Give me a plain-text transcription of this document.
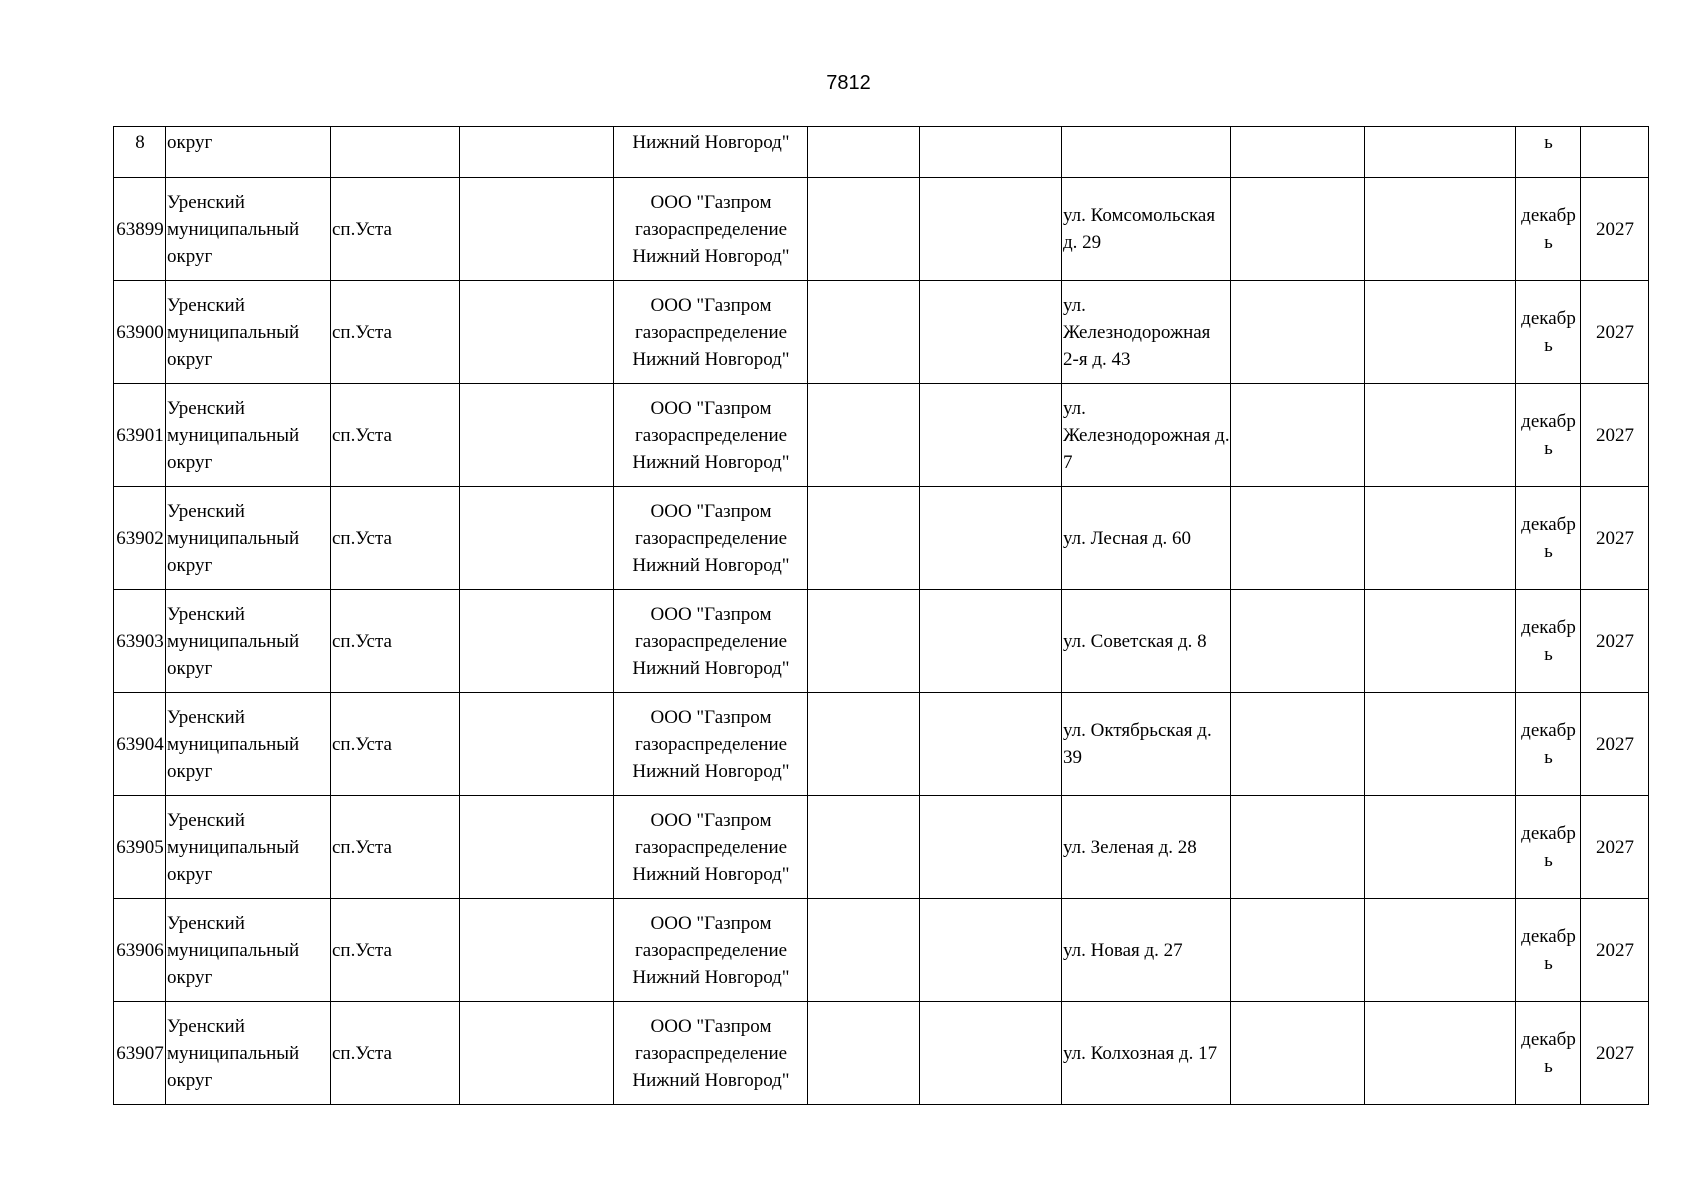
7812
8	округ			Нижний Новгород"						ь	
63899	Уренский муниципальный округ	сп.Уста		ООО "Газпром газораспределение Нижний Новгород"			ул. Комсомольская д. 29			декабрь	2027
63900	Уренский муниципальный округ	сп.Уста		ООО "Газпром газораспределение Нижний Новгород"			ул. Железнодорожная 2-я д. 43			декабрь	2027
63901	Уренский муниципальный округ	сп.Уста		ООО "Газпром газораспределение Нижний Новгород"			ул. Железнодорожная д. 7			декабрь	2027
63902	Уренский муниципальный округ	сп.Уста		ООО "Газпром газораспределение Нижний Новгород"			ул. Лесная д. 60			декабрь	2027
63903	Уренский муниципальный округ	сп.Уста		ООО "Газпром газораспределение Нижний Новгород"			ул. Советская д. 8			декабрь	2027
63904	Уренский муниципальный округ	сп.Уста		ООО "Газпром газораспределение Нижний Новгород"			ул. Октябрьская д. 39			декабрь	2027
63905	Уренский муниципальный округ	сп.Уста		ООО "Газпром газораспределение Нижний Новгород"			ул. Зеленая д. 28			декабрь	2027
63906	Уренский муниципальный округ	сп.Уста		ООО "Газпром газораспределение Нижний Новгород"			ул. Новая д. 27			декабрь	2027
63907	Уренский муниципальный округ	сп.Уста		ООО "Газпром газораспределение Нижний Новгород"			ул. Колхозная д. 17			декабрь	2027
